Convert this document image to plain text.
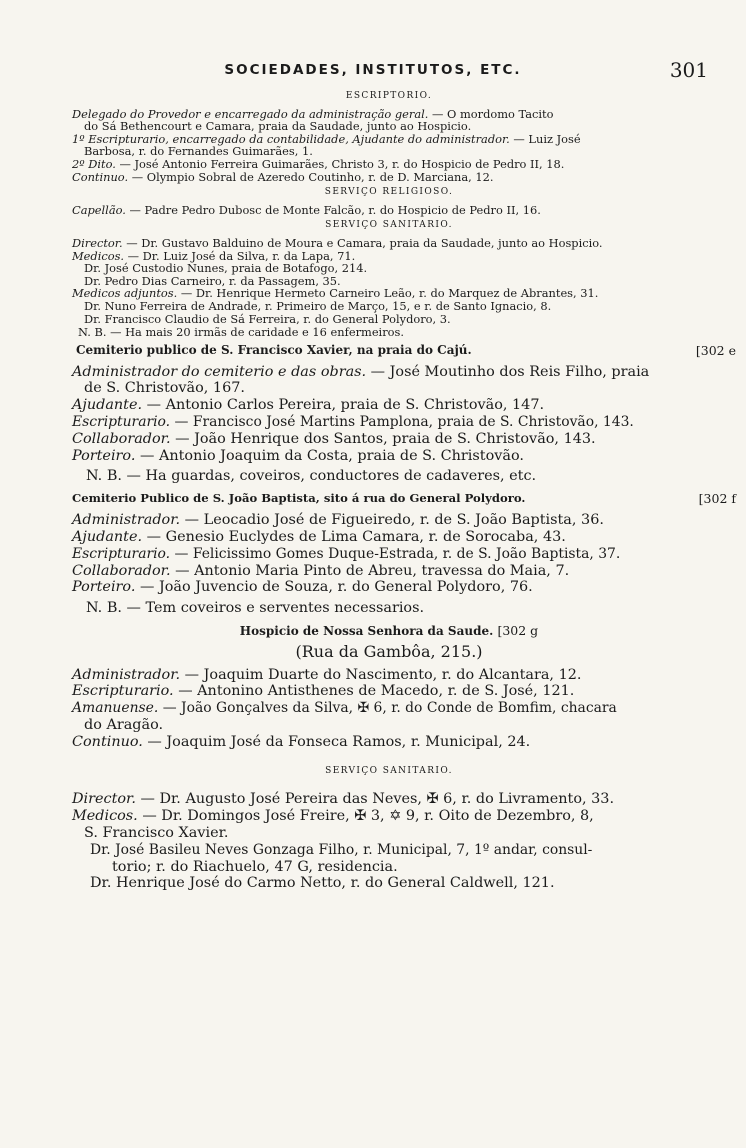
SOCIEDADES, INSTITUTOS, ETC.	301
ESCRIPTORIO.

Delegado do Provedor e encarregado da administração geral. — O mordomo Tacito

do Sá Bethencourt e Camara, praia da Saudade, junto ao Hospicio.

1º Escripturario, encarregado da contabilidade, Ajudante do administrador. — Luiz José

Barbosa, r. do Fernandes Guimarães, 1.

2º Dito. — José Antonio Ferreira Guimarães, Christo 3, r. do Hospicio de Pedro II, 18.

Continuo. — Olympio Sobral de Azeredo Coutinho, r. de D. Marciana, 12.

SERVIÇO RELIGIOSO.

Capellão. — Padre Pedro Dubosc de Monte Falcão, r. do Hospicio de Pedro II, 16.

SERVIÇO SANITARIO.

Director. — Dr. Gustavo Balduino de Moura e Camara, praia da Saudade, junto ao Hospicio.

Medicos. — Dr. Luiz José da Silva, r. da Lapa, 71.

Dr. José Custodio Nunes, praia de Botafogo, 214.

Dr. Pedro Dias Carneiro, r. da Passagem, 35.

Medicos adjuntos. — Dr. Henrique Hermeto Carneiro Leão, r. do Marquez de Abrantes, 31.

Dr. Nuno Ferreira de Andrade, r. Primeiro de Março, 15, e r. de Santo Ignacio, 8.

Dr. Francisco Claudio de Sá Ferreira, r. do General Polydoro, 3.

N. B. — Ha mais 20 irmãs de caridade e 16 enfermeiros.

Cemiterio publico de S. Francisco Xavier, na praia do Cajú.	[302 e

Administrador do cemiterio e das obras. — José Moutinho dos Reis Filho, praia

de S. Christovão, 167.

Ajudante. — Antonio Carlos Pereira, praia de S. Christovão, 147.

Escripturario. — Francisco José Martins Pamplona, praia de S. Christovão, 143.

Collaborador. — João Henrique dos Santos, praia de S. Christovão, 143.

Porteiro. — Antonio Joaquim da Costa, praia de S. Christovão.

N. B. — Ha guardas, coveiros, conductores de cadaveres, etc.

Cemiterio Publico de S. João Baptista, sito á rua do General Polydoro.	[302 f

Administrador. — Leocadio José de Figueiredo, r. de S. João Baptista, 36.

Ajudante. — Genesio Euclydes de Lima Camara, r. de Sorocaba, 43.

Escripturario. — Felicissimo Gomes Duque-Estrada, r. de S. João Baptista, 37.

Collaborador. — Antonio Maria Pinto de Abreu, travessa do Maia, 7.

Porteiro. — João Juvencio de Souza, r. do General Polydoro, 76.

N. B. — Tem coveiros e serventes necessarios.

Hospicio de Nossa Senhora da Saude. [302 g
(Rua da Gambôa, 215.)

Administrador. — Joaquim Duarte do Nascimento, r. do Alcantara, 12.

Escripturario. — Antonino Antisthenes de Macedo, r. de S. José, 121.

Amanuense. — João Gonçalves da Silva, ✠ 6, r. do Conde de Bomfim, chacara

do Aragão.

Continuo. — Joaquim José da Fonseca Ramos, r. Municipal, 24.

SERVIÇO SANITARIO.

Director. — Dr. Augusto José Pereira das Neves, ✠ 6, r. do Livramento, 33.

Medicos. — Dr. Domingos José Freire, ✠ 3, ✡ 9, r. Oito de Dezembro, 8,

S. Francisco Xavier.

Dr. José Basileu Neves Gonzaga Filho, r. Municipal, 7, 1º andar, consul-

torio; r. do Riachuelo, 47 G, residencia.

Dr. Henrique José do Carmo Netto, r. do General Caldwell, 121.
